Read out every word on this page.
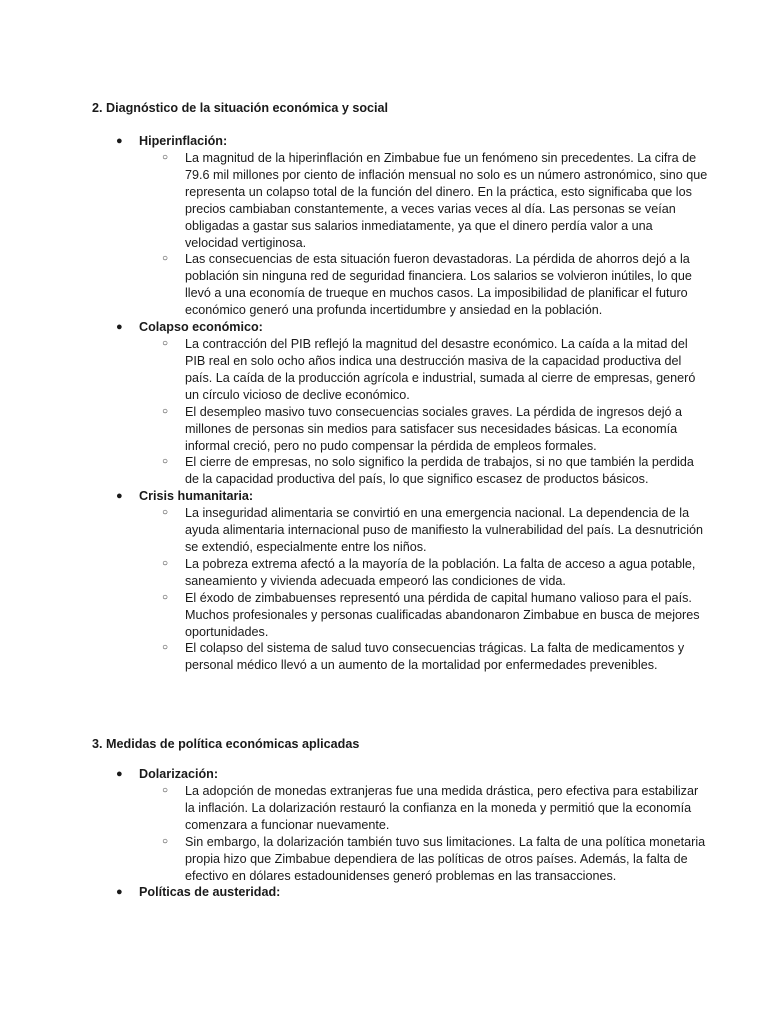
2. Diagnóstico de la situación económica y social
●	Hiperinflación:
○	La magnitud de la hiperinflación en Zimbabue fue un fenómeno sin precedentes. La cifra de 79.6 mil millones por ciento de inflación mensual no solo es un número astronómico, sino que representa un colapso total de la función del dinero. En la práctica, esto significaba que los precios cambiaban constantemente, a veces varias veces al día. Las personas se veían obligadas a gastar sus salarios inmediatamente, ya que el dinero perdía valor a una velocidad vertiginosa.
○	Las consecuencias de esta situación fueron devastadoras. La pérdida de ahorros dejó a la población sin ninguna red de seguridad financiera. Los salarios se volvieron inútiles, lo que llevó a una economía de trueque en muchos casos. La imposibilidad de planificar el futuro económico generó una profunda incertidumbre y ansiedad en la población.
●	Colapso económico:
○	La contracción del PIB reflejó la magnitud del desastre económico. La caída a la mitad del PIB real en solo ocho años indica una destrucción masiva de la capacidad productiva del país. La caída de la producción agrícola e industrial, sumada al cierre de empresas, generó un círculo vicioso de declive económico.
○	El desempleo masivo tuvo consecuencias sociales graves. La pérdida de ingresos dejó a millones de personas sin medios para satisfacer sus necesidades básicas. La economía informal creció, pero no pudo compensar la pérdida de empleos formales.
○	El cierre de empresas, no solo significo la perdida de trabajos, si no que también la perdida de la capacidad productiva del país, lo que significo escasez de productos básicos.
●	Crisis humanitaria:
○	La inseguridad alimentaria se convirtió en una emergencia nacional. La dependencia de la ayuda alimentaria internacional puso de manifiesto la vulnerabilidad del país. La desnutrición se extendió, especialmente entre los niños.
○	La pobreza extrema afectó a la mayoría de la población. La falta de acceso a agua potable, saneamiento y vivienda adecuada empeoró las condiciones de vida.
○	El éxodo de zimbabuenses representó una pérdida de capital humano valioso para el país. Muchos profesionales y personas cualificadas abandonaron Zimbabue en busca de mejores oportunidades.
○	El colapso del sistema de salud tuvo consecuencias trágicas. La falta de medicamentos y personal médico llevó a un aumento de la mortalidad por enfermedades prevenibles.
3. Medidas de política económicas aplicadas
●	Dolarización:
○	La adopción de monedas extranjeras fue una medida drástica, pero efectiva para estabilizar la inflación. La dolarización restauró la confianza en la moneda y permitió que la economía comenzara a funcionar nuevamente.
○	Sin embargo, la dolarización también tuvo sus limitaciones. La falta de una política monetaria propia hizo que Zimbabue dependiera de las políticas de otros países. Además, la falta de efectivo en dólares estadounidenses generó problemas en las transacciones.
●	Políticas de austeridad:
